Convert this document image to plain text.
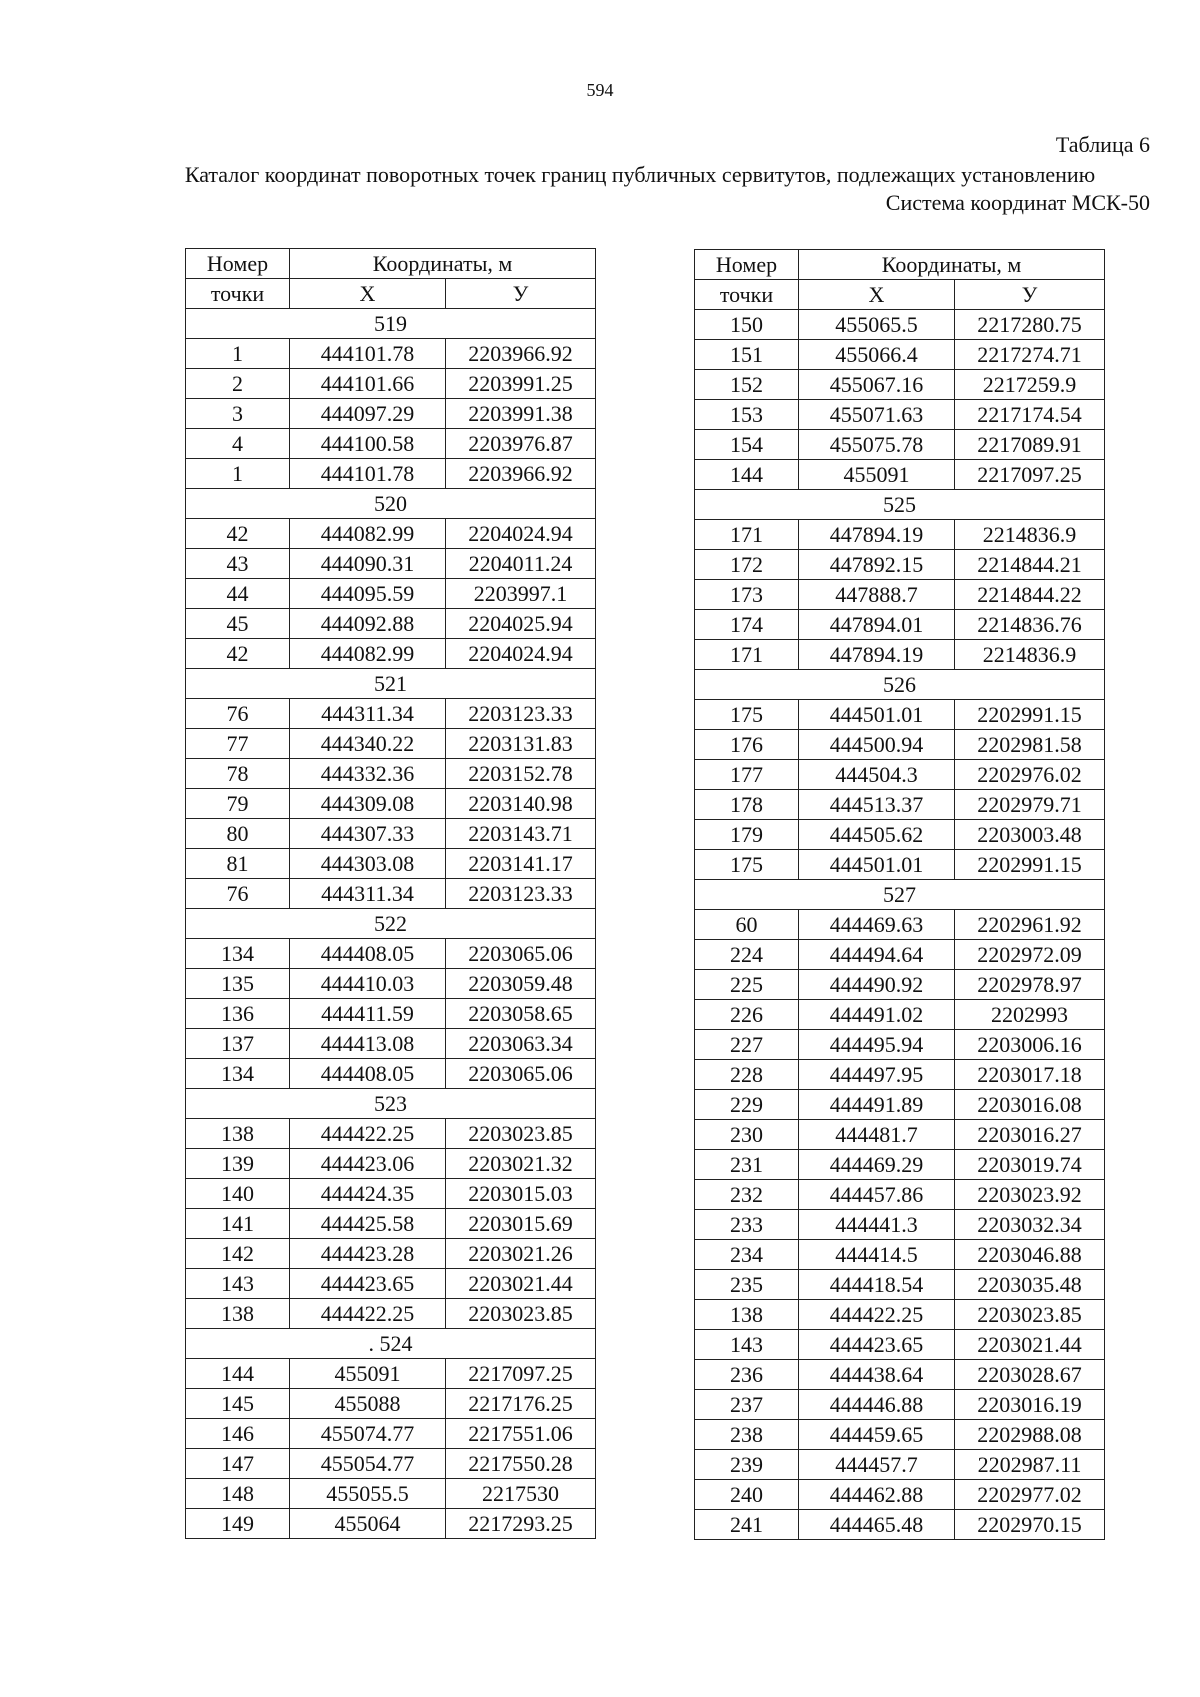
594
Таблица 6
Каталог координат поворотных точек границ публичных сервитутов, подлежащих установлению
Система координат МСК-50
Номер	Координаты, м	
точки	X	У
519		
1	444101.78	2203966.92
2	444101.66	2203991.25
3	444097.29	2203991.38
4	444100.58	2203976.87
1	444101.78	2203966.92
520		
42	444082.99	2204024.94
43	444090.31	2204011.24
44	444095.59	2203997.1
45	444092.88	2204025.94
42	444082.99	2204024.94
521		
76	444311.34	2203123.33
77	444340.22	2203131.83
78	444332.36	2203152.78
79	444309.08	2203140.98
80	444307.33	2203143.71
81	444303.08	2203141.17
76	444311.34	2203123.33
522		
134	444408.05	2203065.06
135	444410.03	2203059.48
136	444411.59	2203058.65
137	444413.08	2203063.34
134	444408.05	2203065.06
523		
138	444422.25	2203023.85
139	444423.06	2203021.32
140	444424.35	2203015.03
141	444425.58	2203015.69
142	444423.28	2203021.26
143	444423.65	2203021.44
138	444422.25	2203023.85
. 524		
144	455091	2217097.25
145	455088	2217176.25
146	455074.77	2217551.06
147	455054.77	2217550.28
148	455055.5	2217530
149	455064	2217293.25
Номер	Координаты, м	
точки	X	У
150	455065.5	2217280.75
151	455066.4	2217274.71
152	455067.16	2217259.9
153	455071.63	2217174.54
154	455075.78	2217089.91
144	455091	2217097.25
525		
171	447894.19	2214836.9
172	447892.15	2214844.21
173	447888.7	2214844.22
174	447894.01	2214836.76
171	447894.19	2214836.9
526		
175	444501.01	2202991.15
176	444500.94	2202981.58
177	444504.3	2202976.02
178	444513.37	2202979.71
179	444505.62	2203003.48
175	444501.01	2202991.15
527		
60	444469.63	2202961.92
224	444494.64	2202972.09
225	444490.92	2202978.97
226	444491.02	2202993
227	444495.94	2203006.16
228	444497.95	2203017.18
229	444491.89	2203016.08
230	444481.7	2203016.27
231	444469.29	2203019.74
232	444457.86	2203023.92
233	444441.3	2203032.34
234	444414.5	2203046.88
235	444418.54	2203035.48
138	444422.25	2203023.85
143	444423.65	2203021.44
236	444438.64	2203028.67
237	444446.88	2203016.19
238	444459.65	2202988.08
239	444457.7	2202987.11
240	444462.88	2202977.02
241	444465.48	2202970.15
